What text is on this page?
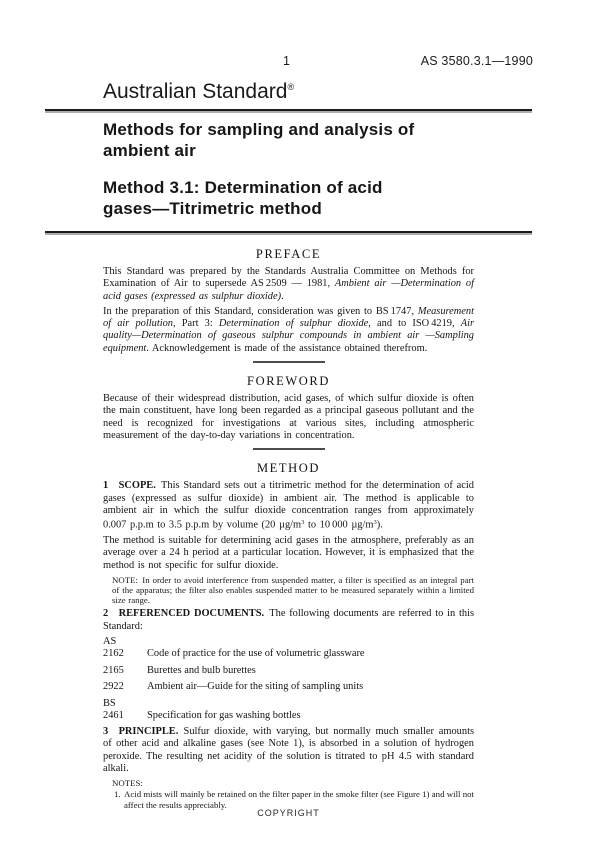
1	AS 3580.3.1—1990
Australian Standard®
Methods for sampling and analysis of
ambient air
Method 3.1: Determination of acid
gases—Titrimetric method
PREFACE

This Standard was prepared by the Standards Australia Committee on Methods for Examination of Air to supersede AS 2509 — 1981, Ambient air —Determination of acid gases (expressed as sulphur dioxide).

In the preparation of this Standard, consideration was given to BS 1747, Measurement of air pollution, Part 3: Determination of sulphur dioxide, and to ISO 4219, Air quality—Determination of gaseous sulphur compounds in ambient air —Sampling equipment. Acknowledgement is made of the assistance obtained therefrom.

FOREWORD

Because of their widespread distribution, acid gases, of which sulfur dioxide is often the main constituent, have long been regarded as a principal gaseous pollutant and the need is recognized for investigations at various sites, including atmospheric measurement of the day-to-day variations in concentration.

METHOD

1 SCOPE. This Standard sets out a titrimetric method for the determination of acid gases (expressed as sulfur dioxide) in ambient air. The method is applicable to ambient air in which the sulfur dioxide concentration ranges from approximately 0.007 p.p.m to 3.5 p.p.m by volume (20 $\mu g/m^3$ to 10 000 $\mu g/m^3$).

The method is suitable for determining acid gases in the atmosphere, preferably as an average over a 24 h period at a particular location. However, it is emphasized that the method is not specific for sulfur dioxide.

NOTE: In order to avoid interference from suspended matter, a filter is specified as an integral part of the apparatus; the filter also enables suspended matter to be measured separately within a limited size range.

2 REFERENCED DOCUMENTS. The following documents are referred to in this Standard:

AS
2162	Code of practice for the use of volumetric glassware
2165	Burettes and bulb burettes
2922	Ambient air—Guide for the siting of sampling units
BS
2461	Specification for gas washing bottles

3 PRINCIPLE. Sulfur dioxide, with varying, but normally much smaller amounts of other acid and alkaline gases (see Note 1), is absorbed in a solution of hydrogen peroxide. The resulting net acidity of the solution is titrated to pH 4.5 with standard alkali.

NOTES:
1. Acid mists will mainly be retained on the filter paper in the smoke filter (see Figure 1) and will not affect the results appreciably.
COPYRIGHT
